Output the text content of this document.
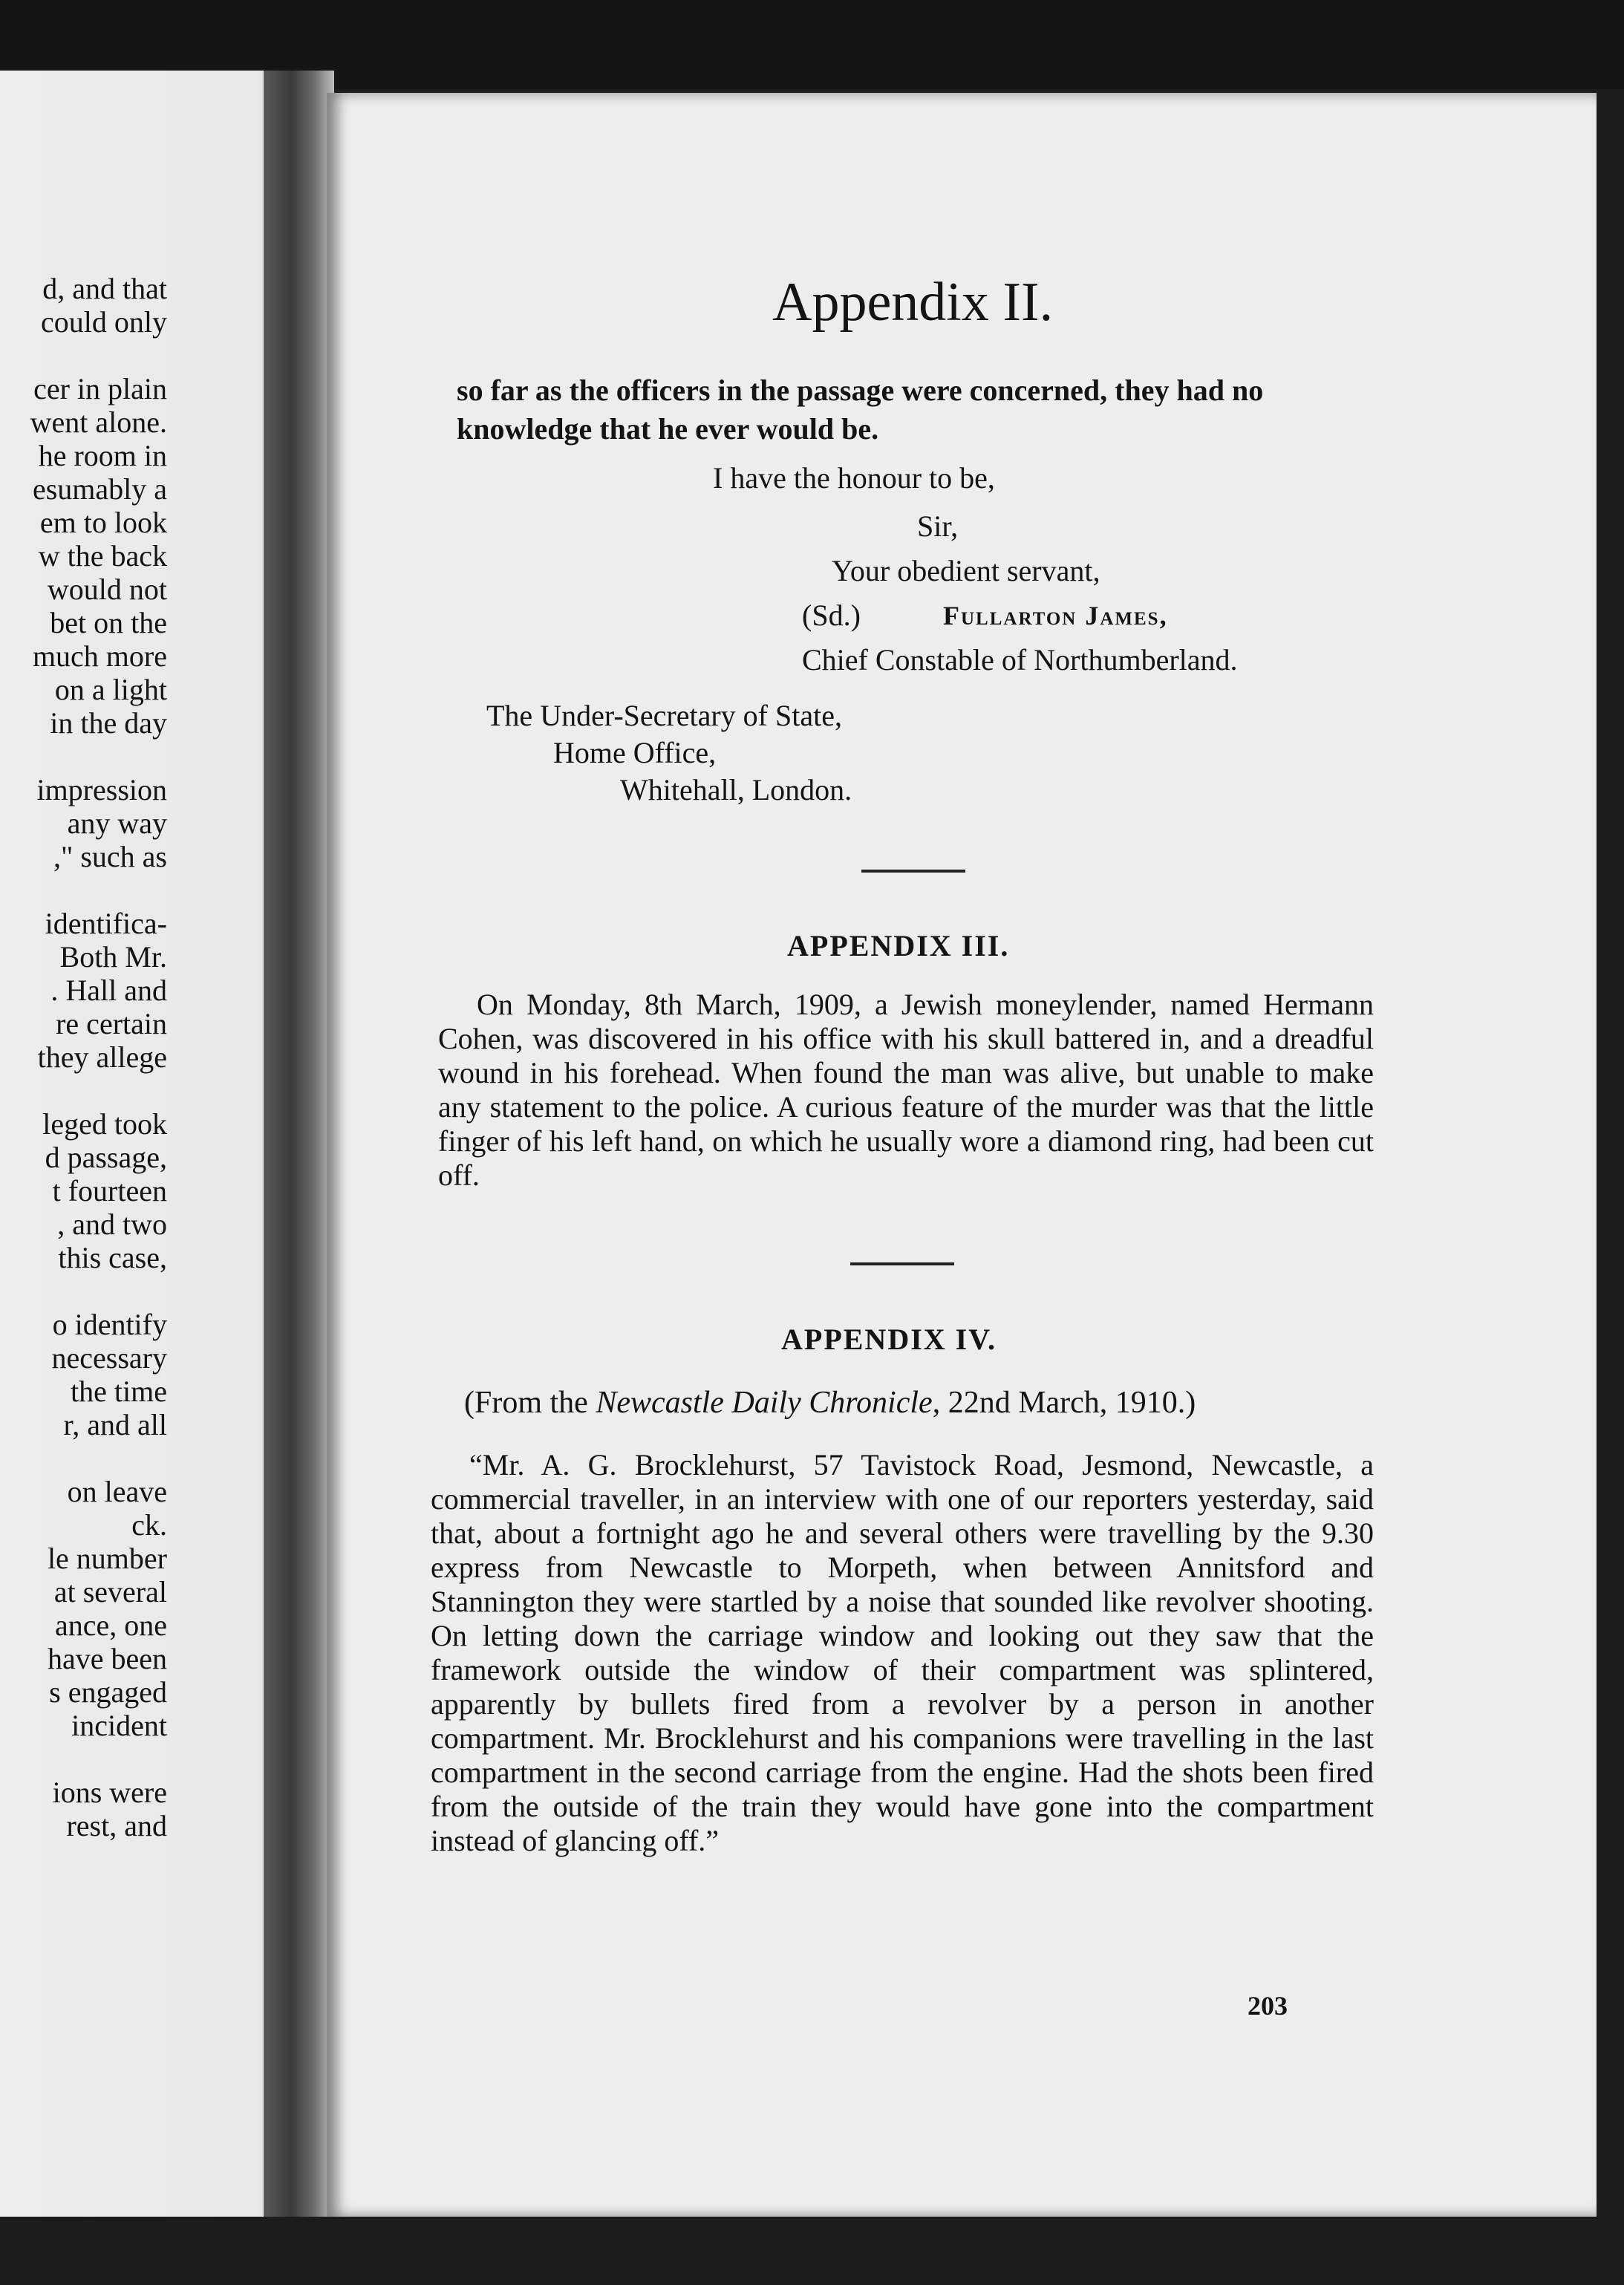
d, and that
could only
cer in plain
went alone.
he room in
esumably a
em to look
w the back
would not
bet on the
much more
on a light
in the day
impression
any way
," such as
identifica-
Both Mr.
. Hall and
re certain
they allege
leged took
d passage,
t fourteen
, and two
this case,
o identify
necessary
the time
r, and all
on leave
ck.
le number
at several
ance, one
have been
s engaged
incident
ions were
rest, and
Appendix II.
so far as the officers in the passage were concerned, they had no knowledge that he ever would be.
I have the honour to be,
Sir,
Your obedient servant,
(Sd.)	Fullarton James,
Chief Constable of Northumberland.
The Under-Secretary of State,
Home Office,
Whitehall, London.
APPENDIX III.
On Monday, 8th March, 1909, a Jewish moneylender, named Hermann Cohen, was discovered in his office with his skull battered in, and a dreadful wound in his forehead. When found the man was alive, but unable to make any statement to the police. A curious feature of the murder was that the little finger of his left hand, on which he usually wore a diamond ring, had been cut off.
APPENDIX IV.
(From the Newcastle Daily Chronicle, 22nd March, 1910.)
“Mr. A. G. Brocklehurst, 57 Tavistock Road, Jesmond, Newcastle, a commercial traveller, in an interview with one of our reporters yesterday, said that, about a fortnight ago he and several others were travelling by the 9.30 express from Newcastle to Morpeth, when between Annitsford and Stannington they were startled by a noise that sounded like revolver shooting. On letting down the carriage window and looking out they saw that the framework outside the window of their compartment was splintered, apparently by bullets fired from a revolver by a person in another compartment. Mr. Brocklehurst and his companions were travelling in the last compartment in the second carriage from the engine. Had the shots been fired from the outside of the train they would have gone into the compartment instead of glancing off.”
203
